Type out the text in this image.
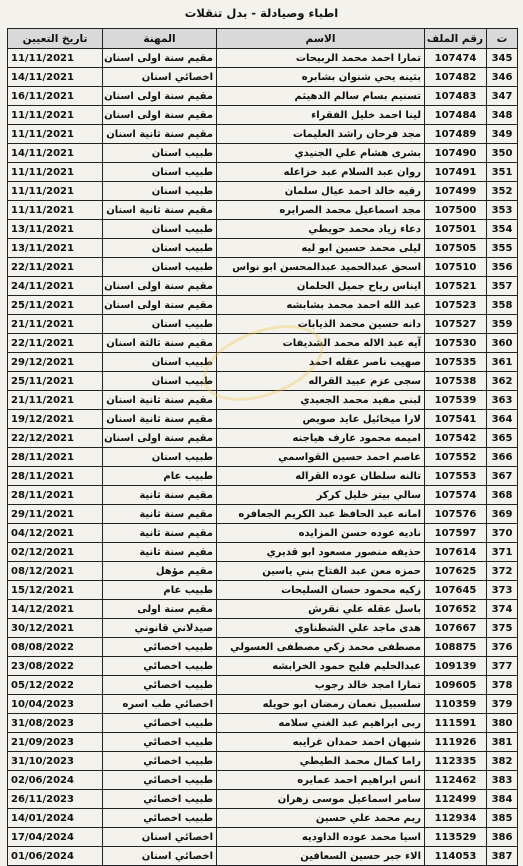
اطباء وصيادلة - بدل تنقلات
ت	رقم الملف	الاسم	المهنة	تاريخ التعيين
345	107474	تمارا احمد محمد الربيحات	مقيم سنة اولى اسنان	11/11/2021
346	107482	بثينه يحي شنوان بشابره	اخصائي اسنان	14/11/2021
347	107483	تسنيم بسام سالم الدهيثم	مقيم سنة اولى اسنان	16/11/2021
348	107484	لينا احمد خليل الفقراء	مقيم سنة اولى اسنان	11/11/2021
349	107489	مجد فرحان راشد العليمات	مقيم سنة ثانية اسنان	11/11/2021
350	107490	بشرى هشام علي الجنيدي	طبيب اسنان	14/11/2021
351	107491	روان عبد السلام عبد خزاعله	طبيب اسنان	11/11/2021
352	107499	رقيه خالد احمد عيال سلمان	طبيب اسنان	11/11/2021
353	107500	مجد اسماعيل محمد الصرايره	مقيم سنة ثانية اسنان	11/11/2021
354	107501	دعاء زياد محمد حويطي	طبيب اسنان	13/11/2021
355	107505	ليلى محمد حسين ابو ليه	طبيب اسنان	13/11/2021
356	107510	اسحق عبدالحميد عبدالمحسن ابو نواس	طبيب اسنان	22/11/2021
357	107521	ايناس رياح جميل الحلمان	مقيم سنة اولى اسنان	24/11/2021
358	107523	عبد الله احمد محمد بشابشه	مقيم سنة اولى اسنان	25/11/2021
359	107527	دانه حسين محمد الذيابات	طبيب اسنان	21/11/2021
360	107530	آيه عبد الاله محمد الشديفات	مقيم سنة ثالثة اسنان	22/11/2021
361	107535	صهيب ناصر عقله احمد	طبيب اسنان	29/12/2021
362	107538	سجى عزم عبيد القراله	طبيب اسنان	25/11/2021
363	107539	لبنى مفيد محمد الجعيدي	مقيم سنة ثانية اسنان	21/11/2021
364	107541	لارا ميخائيل عايد صويص	مقيم سنة ثانية اسنان	19/12/2021
365	107542	اميمه محمود عارف هياجنه	مقيم سنة اولى اسنان	22/12/2021
366	107552	عاصم احمد حسين القواسمي	طبيب اسنان	28/11/2021
367	107553	تالنه سلطان عوده القراله	طبيب عام	28/11/2021
368	107574	سالي بيتر خليل كركر	مقيم سنة ثانية	28/11/2021
369	107576	امانه عبد الحافظ عبد الكريم الجعافره	مقيم سنة ثانية	29/11/2021
370	107597	ناديه عوده حسن المزايده	مقيم سنة ثانية	04/12/2021
371	107614	حذيفه منصور مسعود ابو قديري	مقيم سنة ثانية	02/12/2021
372	107625	حمزه معن عبد الفتاح بني ياسين	مقيم مؤهل	08/12/2021
373	107645	زكيه محمود حسان السليحات	طبيب عام	15/12/2021
374	107652	باسل عقله علي نقرش	مقيم سنة اولى	14/12/2021
375	107667	هدى ماجد علي الشطناوي	صيدلاني قانوني	30/12/2021
376	108875	مصطفى محمد زكي مصطفى العسولي	طبيب اخصائي	08/08/2022
377	109139	عبدالحليم فليح حمود الخرابشه	طبيب اخصائي	23/08/2022
378	109605	تمارا امجد خالد رجوب	طبيب اخصائي	05/12/2022
379	110359	سلسبيل نعمان رمضان ابو حويله	اخصائي طب اسره	10/04/2023
380	111591	ربى ابراهيم عبد الغني سلامه	طبيب اخصائي	31/08/2023
381	111926	شيهان احمد حمدان غرايبه	طبيب اخصائي	21/09/2023
382	112335	راما كمال محمد الطيطي	طبيب اخصائي	31/10/2023
383	112462	انس ابراهيم احمد عمايره	طبيب اخصائي	02/06/2024
384	112499	سامر اسماعيل موسى زهران	طبيب اخصائي	26/11/2023
385	112934	ريم محمد علي حسين	طبيب اخصائي	14/01/2024
386	113529	اسيا محمد عوده الداوديه	اخصائي اسنان	17/04/2024
387	114053	الاء جبر حسين السعافين	اخصائي اسنان	01/06/2024
